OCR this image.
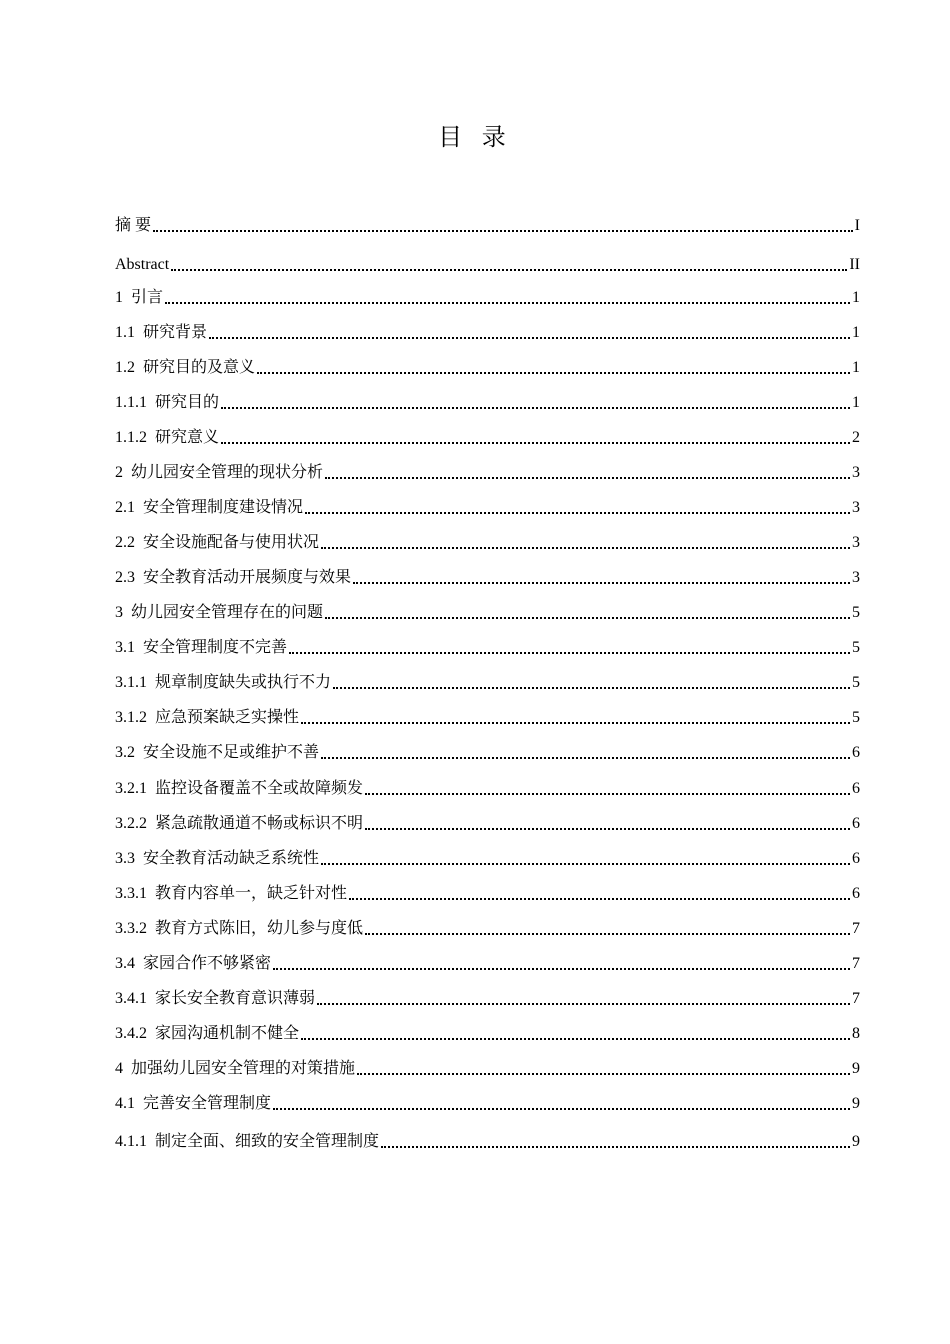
目 录
摘 要	I
Abstract	II
1 引言	1
1.1 研究背景	1
1.2 研究目的及意义	1
1.1.1 研究目的	1
1.1.2 研究意义	2
2 幼儿园安全管理的现状分析	3
2.1 安全管理制度建设情况	3
2.2 安全设施配备与使用状况	3
2.3 安全教育活动开展频度与效果	3
3 幼儿园安全管理存在的问题	5
3.1 安全管理制度不完善	5
3.1.1 规章制度缺失或执行不力	5
3.1.2 应急预案缺乏实操性	5
3.2 安全设施不足或维护不善	6
3.2.1 监控设备覆盖不全或故障频发	6
3.2.2 紧急疏散通道不畅或标识不明	6
3.3 安全教育活动缺乏系统性	6
3.3.1 教育内容单一，缺乏针对性	6
3.3.2 教育方式陈旧，幼儿参与度低	7
3.4 家园合作不够紧密	7
3.4.1 家长安全教育意识薄弱	7
3.4.2 家园沟通机制不健全	8
4 加强幼儿园安全管理的对策措施	9
4.1 完善安全管理制度	9
4.1.1 制定全面、细致的安全管理制度	9
